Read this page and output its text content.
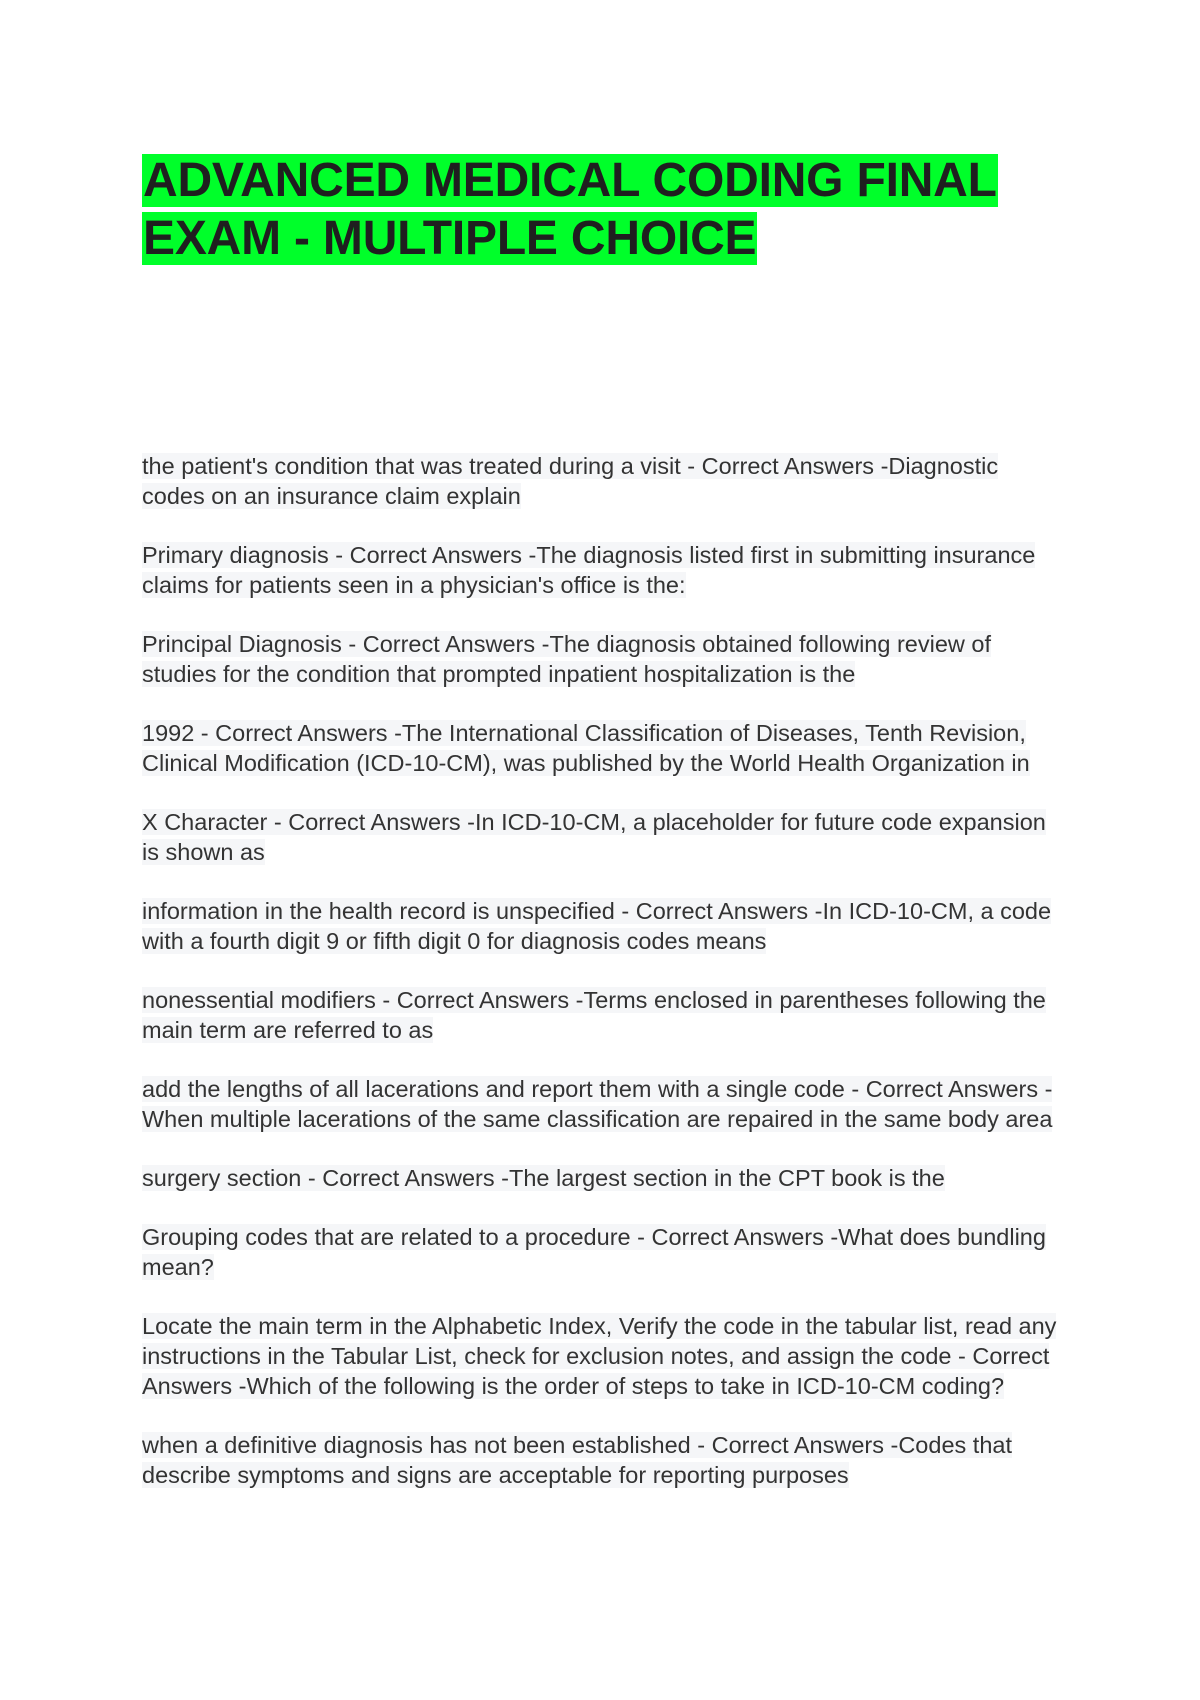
ADVANCED MEDICAL CODING FINAL EXAM - MULTIPLE CHOICE

the patient's condition that was treated during a visit - Correct Answers -Diagnostic codes on an insurance claim explain

Primary diagnosis - Correct Answers -The diagnosis listed first in submitting insurance claims for patients seen in a physician's office is the:

Principal Diagnosis - Correct Answers -The diagnosis obtained following review of studies for the condition that prompted inpatient hospitalization is the

1992 - Correct Answers -The International Classification of Diseases, Tenth Revision, Clinical Modification (ICD-10-CM), was published by the World Health Organization in

X Character - Correct Answers -In ICD-10-CM, a placeholder for future code expansion is shown as

information in the health record is unspecified - Correct Answers -In ICD-10-CM, a code with a fourth digit 9 or fifth digit 0 for diagnosis codes means

nonessential modifiers - Correct Answers -Terms enclosed in parentheses following the main term are referred to as

add the lengths of all lacerations and report them with a single code - Correct Answers -When multiple lacerations of the same classification are repaired in the same body area

surgery section - Correct Answers -The largest section in the CPT book is the

Grouping codes that are related to a procedure - Correct Answers -What does bundling mean?

Locate the main term in the Alphabetic Index, Verify the code in the tabular list, read any instructions in the Tabular List, check for exclusion notes, and assign the code - Correct Answers -Which of the following is the order of steps to take in ICD-10-CM coding?

when a definitive diagnosis has not been established - Correct Answers -Codes that describe symptoms and signs are acceptable for reporting purposes
